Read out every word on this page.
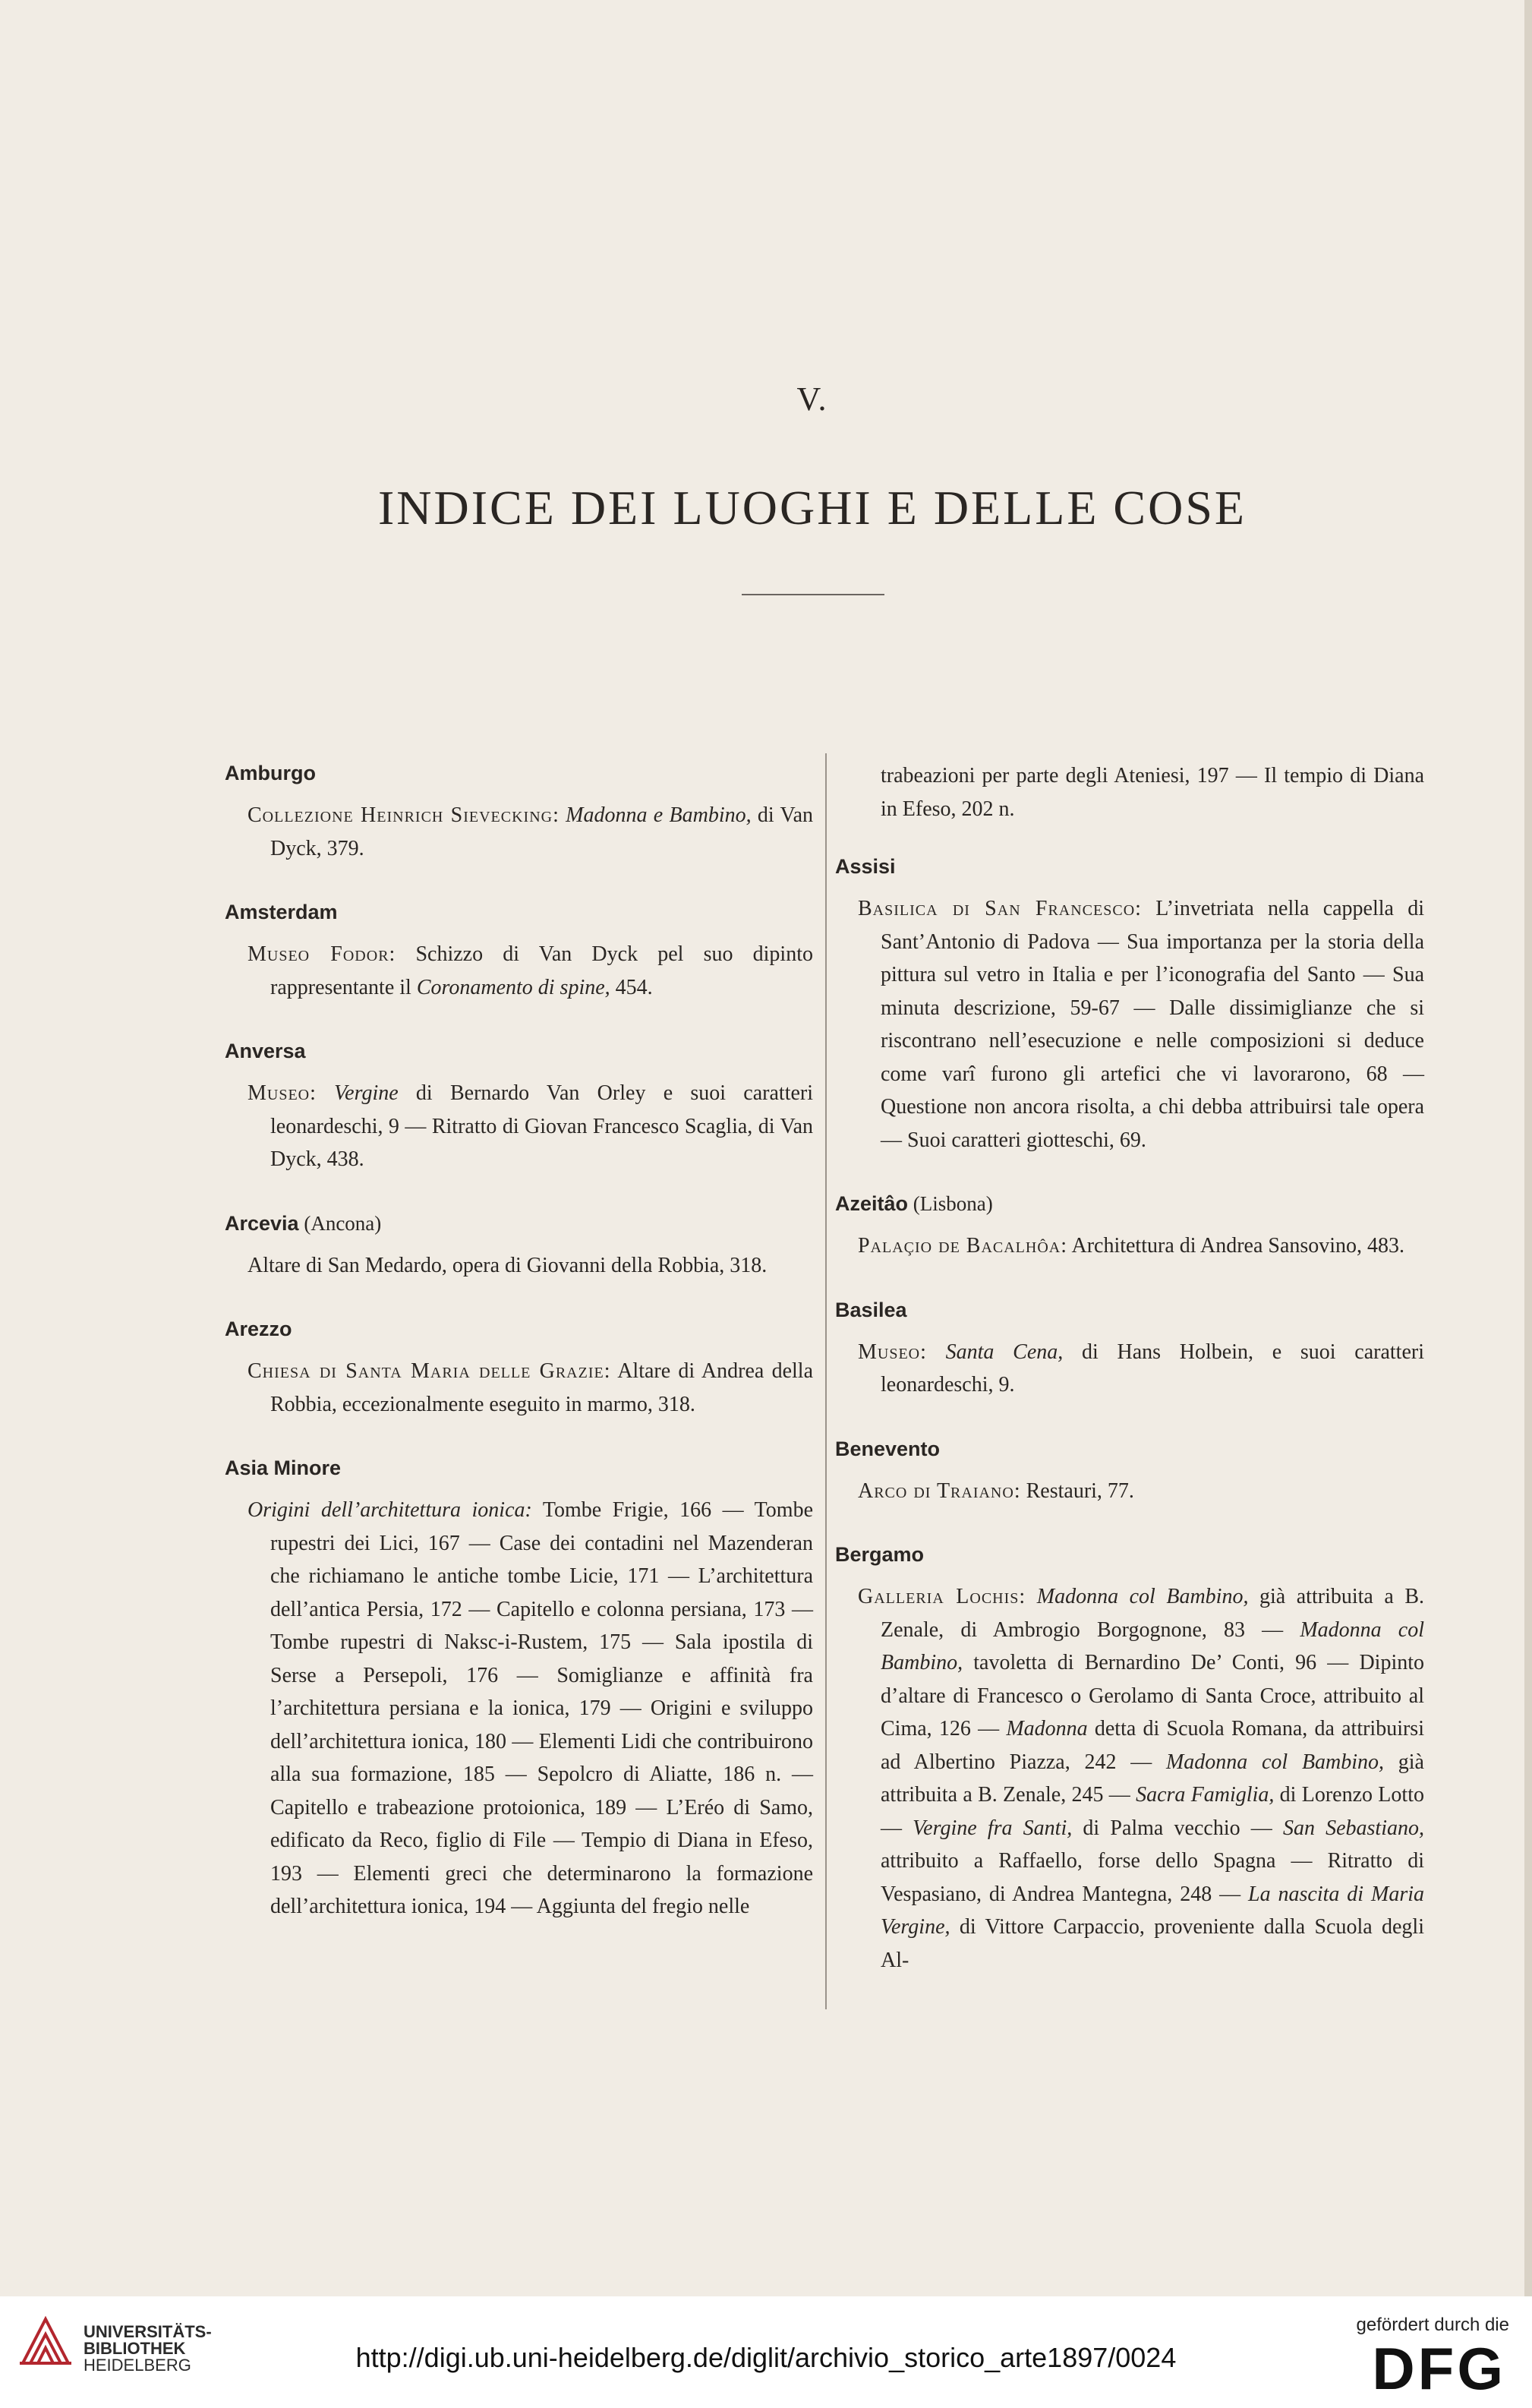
V.
INDICE DEI LUOGHI E DELLE COSE
Amburgo
Collezione Heinrich Sievecking: Madonna e Bambino, di Van Dyck, 379.
Amsterdam
Museo Fodor: Schizzo di Van Dyck pel suo dipinto rappresentante il Coronamento di spine, 454.
Anversa
Museo: Vergine di Bernardo Van Orley e suoi caratteri leonardeschi, 9 — Ritratto di Giovan Francesco Scaglia, di Van Dyck, 438.
Arcevia (Ancona)
Altare di San Medardo, opera di Giovanni della Robbia, 318.
Arezzo
Chiesa di Santa Maria delle Grazie: Altare di Andrea della Robbia, eccezionalmente eseguito in marmo, 318.
Asia Minore
Origini dell’architettura ionica: Tombe Frigie, 166 — Tombe rupestri dei Lici, 167 — Case dei contadini nel Mazenderan che richiamano le antiche tombe Licie, 171 — L’architettura dell’antica Persia, 172 — Capitello e colonna persiana, 173 — Tombe rupestri di Naksc-i-Rustem, 175 — Sala ipostila di Serse a Persepoli, 176 — Somiglianze e affinità fra l’architettura persiana e la ionica, 179 — Origini e sviluppo dell’architettura ionica, 180 — Elementi Lidi che contribuirono alla sua formazione, 185 — Sepolcro di Aliatte, 186 n. — Capitello e trabeazione protoionica, 189 — L’Eréo di Samo, edificato da Reco, figlio di File — Tempio di Diana in Efeso, 193 — Elementi greci che determinarono la formazione dell’architettura ionica, 194 — Aggiunta del fregio nelle
trabeazioni per parte degli Ateniesi, 197 — Il tempio di Diana in Efeso, 202 n.
Assisi
Basilica di San Francesco: L’invetriata nella cappella di Sant’Antonio di Padova — Sua importanza per la storia della pittura sul vetro in Italia e per l’iconografia del Santo — Sua minuta descrizione, 59-67 — Dalle dissimiglianze che si riscontrano nell’esecuzione e nelle composizioni si deduce come varî furono gli artefici che vi lavorarono, 68 — Questione non ancora risolta, a chi debba attribuirsi tale opera — Suoi caratteri giotteschi, 69.
Azeitâo (Lisbona)
Palaçio de Bacalhôa: Architettura di Andrea Sansovino, 483.
Basilea
Museo: Santa Cena, di Hans Holbein, e suoi caratteri leonardeschi, 9.
Benevento
Arco di Traiano: Restauri, 77.
Bergamo
Galleria Lochis: Madonna col Bambino, già attribuita a B. Zenale, di Ambrogio Borgognone, 83 — Madonna col Bambino, tavoletta di Bernardino De’ Conti, 96 — Dipinto d’altare di Francesco o Gerolamo di Santa Croce, attribuito al Cima, 126 — Madonna detta di Scuola Romana, da attribuirsi ad Albertino Piazza, 242 — Madonna col Bambino, già attribuita a B. Zenale, 245 — Sacra Famiglia, di Lorenzo Lotto — Vergine fra Santi, di Palma vecchio — San Sebastiano, attribuito a Raffaello, forse dello Spagna — Ritratto di Vespasiano, di Andrea Mantegna, 248 — La nascita di Maria Vergine, di Vittore Carpaccio, proveniente dalla Scuola degli Al-
UNIVERSITÄTS-
BIBLIOTHEK
HEIDELBERG	http://digi.ub.uni-heidelberg.de/diglit/archivio_storico_arte1897/0024
gefördert durch die
DFG
